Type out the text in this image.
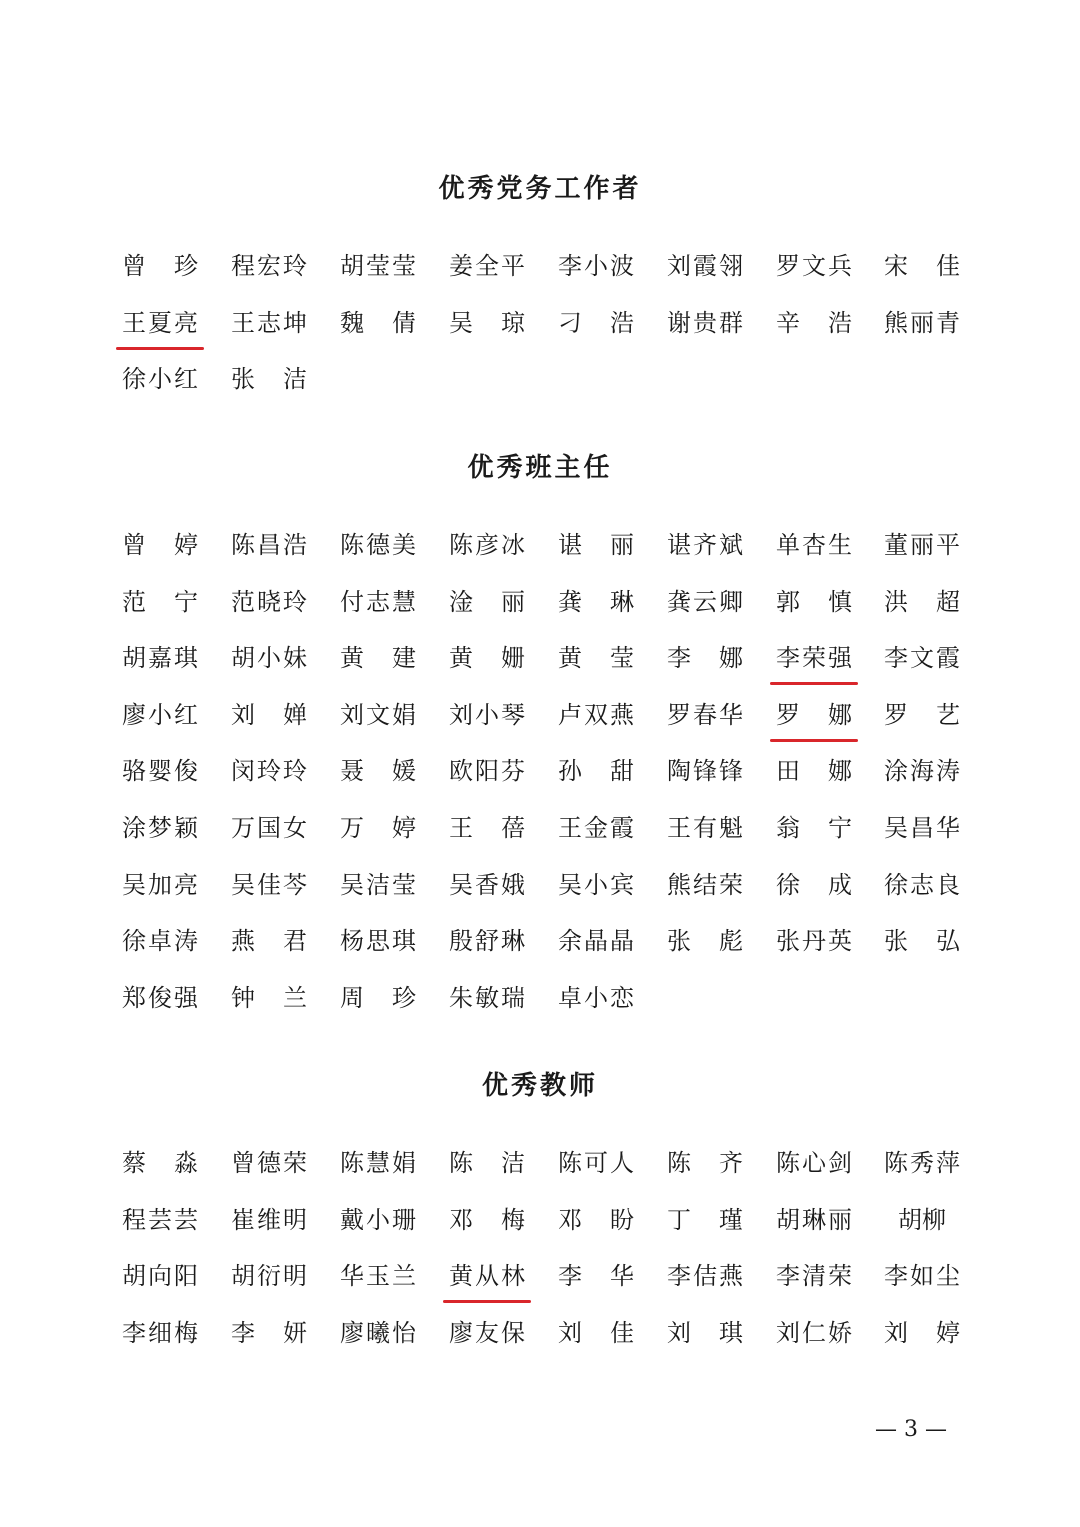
优秀党务工作者
曾 珍 程 宏 玲 胡 莹 莹 姜 全 平 李 小 波 刘 霞 翎 罗 文 兵 宋 佳
王 夏 亮 王 志 坤 魏 倩 吴 琼 刁 浩 谢 贵 群 辛 浩 熊 丽 青
徐 小 红 张 洁
优秀班主任
曾 婷 陈 昌 浩 陈 德 美 陈 彦 冰 谌 丽 谌 齐 斌 单 杏 生 董 丽 平
范 宁 范 晓 玲 付 志 慧 淦 丽 龚 琳 龚 云 卿 郭 慎 洪 超
胡 嘉 琪 胡 小 妹 黄 建 黄 姗 黄 莹 李 娜 李 荣 强 李 文 霞
廖 小 红 刘 婵 刘 文 娟 刘 小 琴 卢 双 燕 罗 春 华 罗 娜 罗 艺
骆 婴 俊 闵 玲 玲 聂 媛 欧 阳 芬 孙 甜 陶 锋 锋 田 娜 涂 海 涛
涂 梦 颖 万 国 女 万 婷 王 蓓 王 金 霞 王 有 魁 翁 宁 吴 昌 华
吴 加 亮 吴 佳 芩 吴 洁 莹 吴 香 娥 吴 小 宾 熊 结 荣 徐 成 徐 志 良
徐 卓 涛 燕 君 杨 思 琪 殷 舒 琳 余 晶 晶 张 彪 张 丹 英 张 弘
郑 俊 强 钟 兰 周 珍 朱 敏 瑞 卓 小 恋
优秀教师
蔡 淼 曾 德 荣 陈 慧 娟 陈 洁 陈 可 人 陈 齐 陈 心 剑 陈 秀 萍
程 芸 芸 崔 维 明 戴 小 珊 邓 梅 邓 盼 丁 瑾 胡 琳 丽 胡 柳
胡 向 阳 胡 衍 明 华 玉 兰 黄 从 林 李 华 李 佶 燕 李 清 荣 李 如 尘
李 细 梅 李 妍 廖 曦 怡 廖 友 保 刘 佳 刘 琪 刘 仁 娇 刘 婷
— 3 —
